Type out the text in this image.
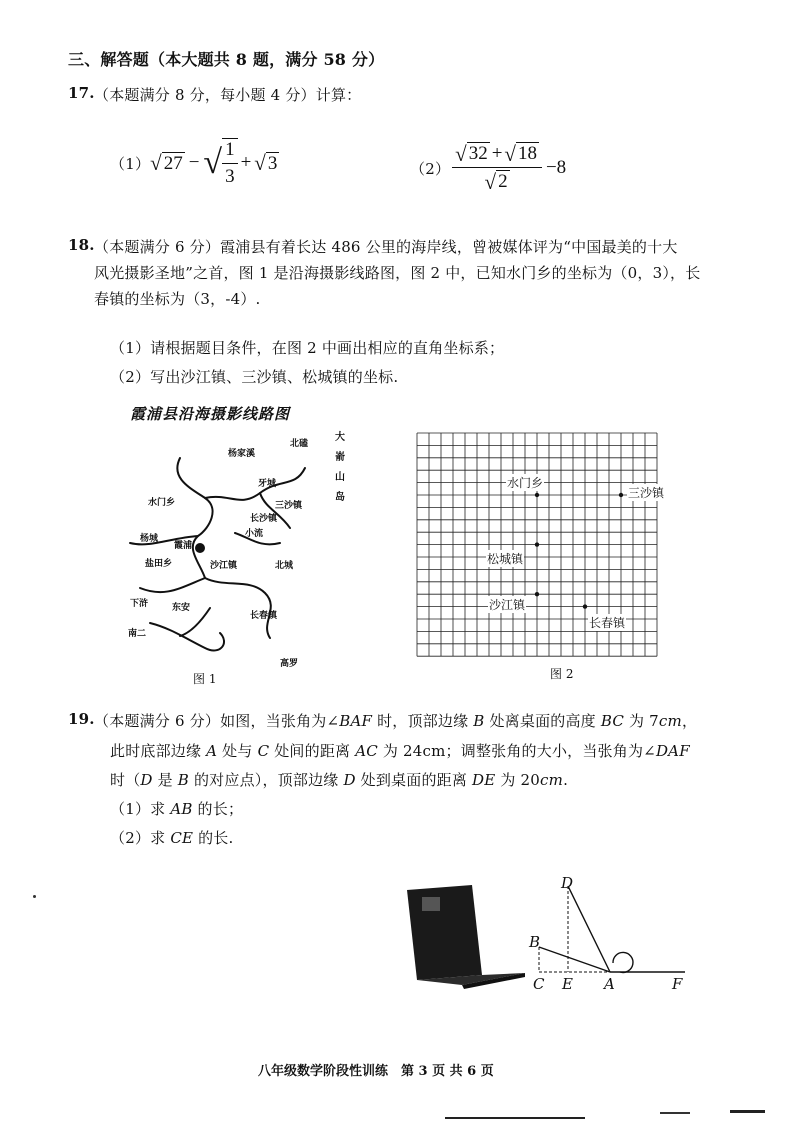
三、解答题（本大题共 8 题，满分 58 分）
17. （本题满分 8 分，每小题 4 分）计算：
（1） √ 27 − √ $\frac{1}{3}$ + √ 3	$(2) \frac{√ 32 + √ 18}{√ 2} -8$
18. （本题满分 6 分）霞浦县有着长达 486 公里的海岸线，曾被媒体评为“中国最美的十大
风光摄影圣地”之首，图 1 是沿海摄影线路图，图 2 中，已知水门乡的坐标为（0，3），长
春镇的坐标为（3，-4）.
（1）请根据题目条件，在图 2 中画出相应的直角坐标系；
（2）写出沙江镇、三沙镇、松城镇的坐标.
霞浦县沿海摄影线路图
大嵛山岛
北磕
杨家溪
牙城
水门乡	三沙镇
长沙镇
小流
杨城
霞浦
盐田乡	沙江镇	北城
下浒	东安
长春镇
南二
高罗
图 1
水门乡
三沙镇
松城镇
沙江镇
长春镇
图 2
19. （本题满分 6 分）如图，当张角为∠BAF 时，顶部边缘 B 处离桌面的高度 BC 为 7cm，
此时底部边缘 A 处与 C 处间的距离 AC 为 24cm；调整张角的大小，当张角为∠DAF
时（D 是 B 的对应点），顶部边缘 D 处到桌面的距离 DE 为 20cm.
（1）求 AB 的长；
（2）求 CE 的长.
D
B
C E A	F
八年级数学阶段性训练　第 3 页 共 6 页
